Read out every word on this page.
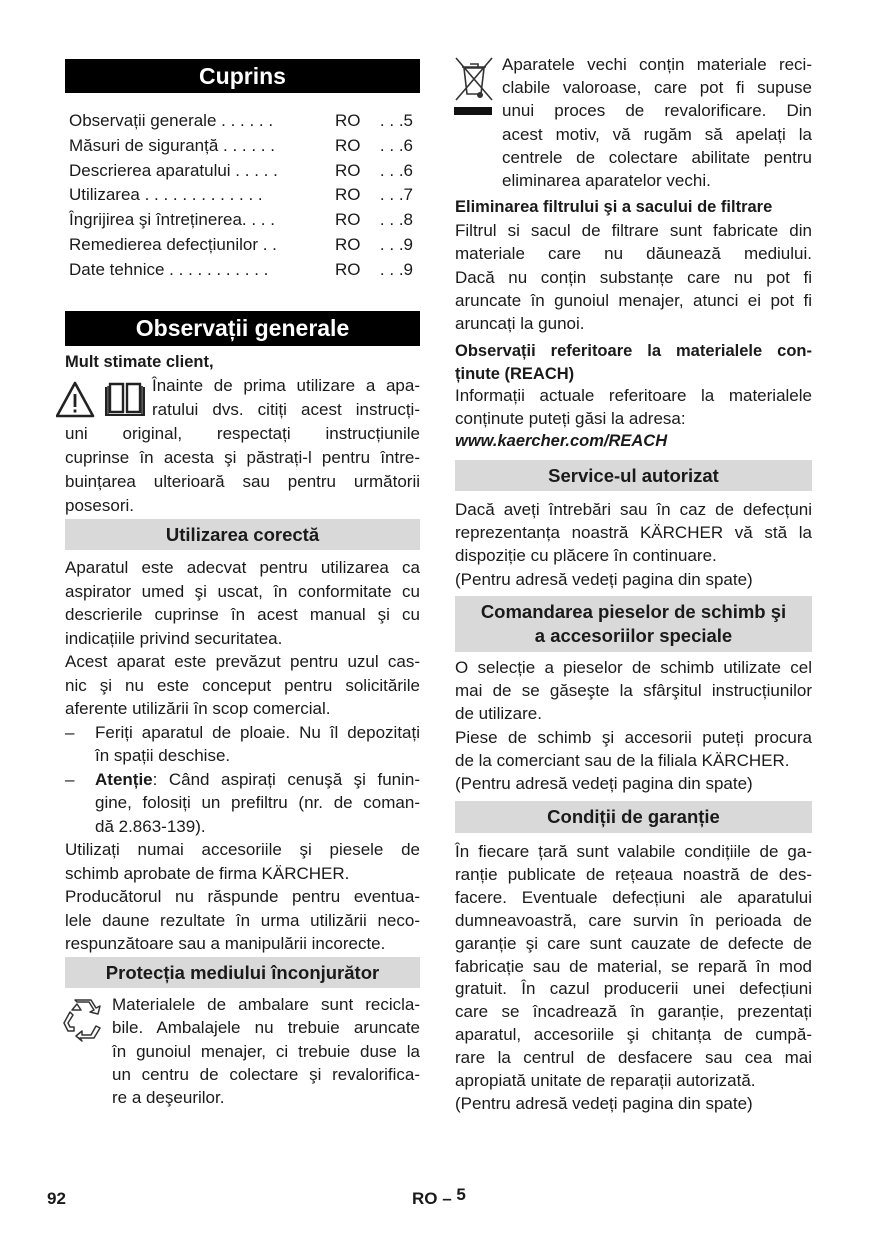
Cuprins
Observații generale . . . . . .	RO	. . .5
Măsuri de siguranță . . . . . .	RO	. . .6
Descrierea aparatului . . . . .	RO	. . .6
Utilizarea . . . . . . . . . . . . .	RO	. . .7
Îngrijirea şi întreținerea. . . .	RO	. . .8
Remedierea defecțiunilor . .	RO	. . .9
Date tehnice . . . . . . . . . . .	RO	. . .9
Observații generale
Mult stimate client,
Înainte de prima utilizare a apa-
ratului dvs. citiți acest instrucți-
uni original, respectați instrucțiunile
cuprinse în acesta şi păstrați-l pentru între-
buințarea ulterioară sau pentru următorii
posesori.
Utilizarea corectă
Aparatul este adecvat pentru utilizarea ca
aspirator umed şi uscat, în conformitate cu
descrierile cuprinse în acest manual şi cu
indicațiile privind securitatea.
Acest aparat este prevăzut pentru uzul cas-
nic şi nu este conceput pentru solicitările
aferente utilizării în scop comercial.
– Feriți aparatul de ploaie. Nu îl depozitați
în spații deschise.
– Atenție: Când aspirați cenuşă şi funin-
gine, folosiți un prefiltru (nr. de coman-
dă 2.863-139).
Utilizați numai accesoriile şi piesele de
schimb aprobate de firma KÄRCHER.
Producătorul nu răspunde pentru eventua-
lele daune rezultate în urma utilizării neco-
respunzătoare sau a manipulării incorecte.
Protecția mediului înconjurător
Materialele de ambalare sunt recicla-
bile. Ambalajele nu trebuie aruncate
în gunoiul menajer, ci trebuie duse la
un centru de colectare şi revalorifica-
re a deşeurilor.
Aparatele vechi conțin materiale reci-
clabile valoroase, care pot fi supuse
unui proces de revalorificare. Din
acest motiv, vă rugăm să apelați la
centrele de colectare abilitate pentru
eliminarea aparatelor vechi.
Eliminarea filtrului şi a sacului de filtrare
Filtrul si sacul de filtrare sunt fabricate din
materiale care nu dăunează mediului.
Dacă nu conțin substanțe care nu pot fi
aruncate în gunoiul menajer, atunci ei pot fi
aruncați la gunoi.
Observații referitoare la materialele con-
ținute (REACH)
Informații actuale referitoare la materialele
conținute puteți găsi la adresa:
www.kaercher.com/REACH
Service-ul autorizat
Dacă aveți întrebări sau în caz de defecțuni
reprezentanța noastră KÄRCHER vă stă la
dispoziție cu plăcere în continuare.
(Pentru adresă vedeți pagina din spate)
Comandarea pieselor de schimb şi
a accesoriilor speciale
O selecție a pieselor de schimb utilizate cel
mai de se găseşte la sfârşitul instrucțiunilor
de utilizare.
Piese de schimb şi accesorii puteți procura
de la comerciant sau de la filiala KÄRCHER.
(Pentru adresă vedeți pagina din spate)
Condiții de garanție
În fiecare țară sunt valabile condițiile de ga-
ranție publicate de rețeaua noastră de des-
facere. Eventuale defecțiuni ale aparatului
dumneavoastră, care survin în perioada de
garanție şi care sunt cauzate de defecte de
fabricație sau de material, se repară în mod
gratuit. În cazul producerii unei defecțiuni
care se încadrează în garanție, prezentați
aparatul, accesoriile şi chitanța de cumpă-
rare la centrul de desfacere sau cea mai
apropiată unitate de reparații autorizată.
(Pentru adresă vedeți pagina din spate)
92	RO – 5
